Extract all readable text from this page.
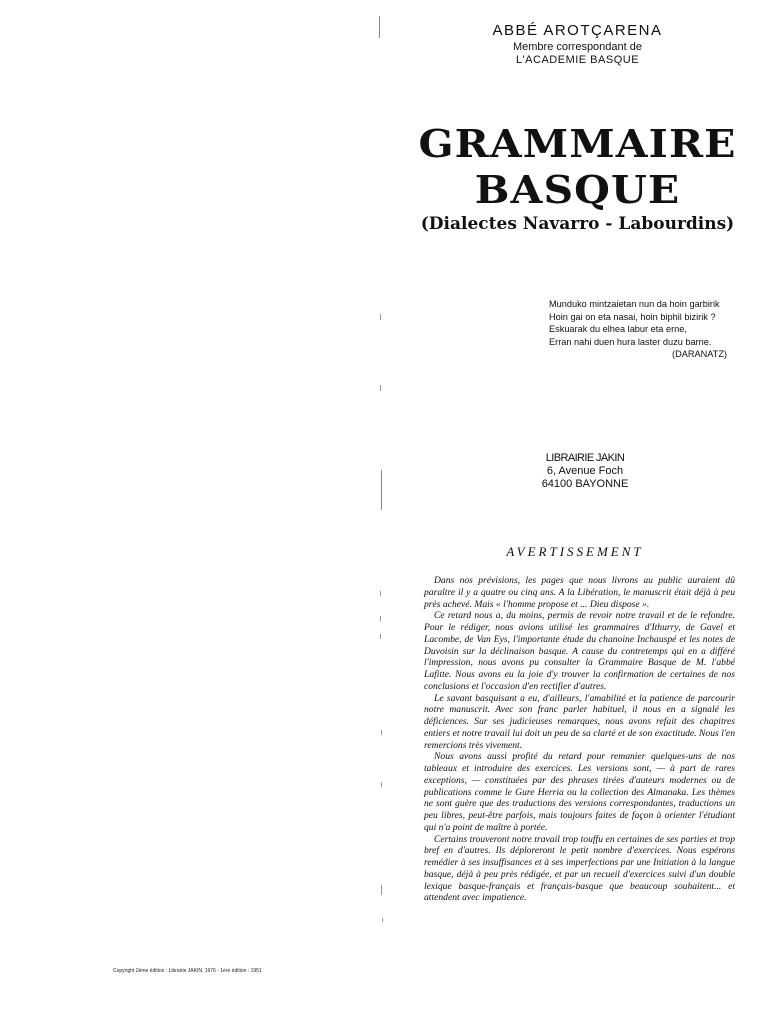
ABBÉ AROTÇARENA
Membre correspondant de
L'ACADEMIE BASQUE
GRAMMAIRE
BASQUE
(Dialectes Navarro - Labourdins)
Munduko mintzaietan nun da hoin garbirik
Hoin gai on eta nasai, hoin biphil bizirik ?
Eskuarak du elhea labur eta erne,
Erran nahi duen hura laster duzu barne.
(DARANATZ)
LIBRAIRIE JAKIN
6, Avenue Foch
64100 BAYONNE
AVERTISSEMENT

Dans nos prévisions, les pages que nous livrons au public auraient dû paraître il y a quatre ou cinq ans. A la Libération, le manuscrit était déjà à peu près achevé. Mais « l'homme propose et ... Dieu dispose ».

Ce retard nous a, du moins, permis de revoir notre travail et de le refondre. Pour le rédiger, nous avions utilisé les grammaires d'Ithurry, de Gavel et Lacombe, de Van Eys, l'importante étude du chanoine Inchauspé et les notes de Duvoisin sur la déclinaison basque. A cause du contretemps qui en a différé l'impression, nous avons pu consulter la Grammaire Basque de M. l'abbé Lafitte. Nous avons eu la joie d'y trouver la confirmation de certaines de nos conclusions et l'occasion d'en rectifier d'autres.

Le savant basquisant a eu, d'ailleurs, l'amabilité et la patience de parcourir notre manuscrit. Avec son franc parler habituel, il nous en a signalé les déficiences. Sur ses judicieuses remarques, nous avons refait des chapitres entiers et notre travail lui doit un peu de sa clarté et de son exactitude. Nous l'en remercions très vivement.

Nous avons aussi profité du retard pour remanier quelques-uns de nos tableaux et introduire des exercices. Les versions sont, — à part de rares exceptions, — constituées par des phrases tirées d'auteurs modernes ou de publications comme le Gure Herria ou la collection des Almanaka. Les thèmes ne sont guère que des traductions des versions correspondantes, traductions un peu libres, peut-être parfois, mais toujours faites de façon à orienter l'étudiant qui n'a point de maître à portée.

Certains trouveront notre travail trop touffu en certaines de ses parties et trop bref en d'autres. Ils déploreront le petit nombre d'exercices. Nous espérons remédier à ses insuffisances et à ses imperfections par une Initiation à la langue basque, déjà à peu près rédigée, et par un recueil d'exercices suivi d'un double lexique basque-français et français-basque que beaucoup souhaitent... et attendent avec impatience.

Copyright 2ème édition : Librairie JAKIN, 1976 - 1ère édition : 1951
